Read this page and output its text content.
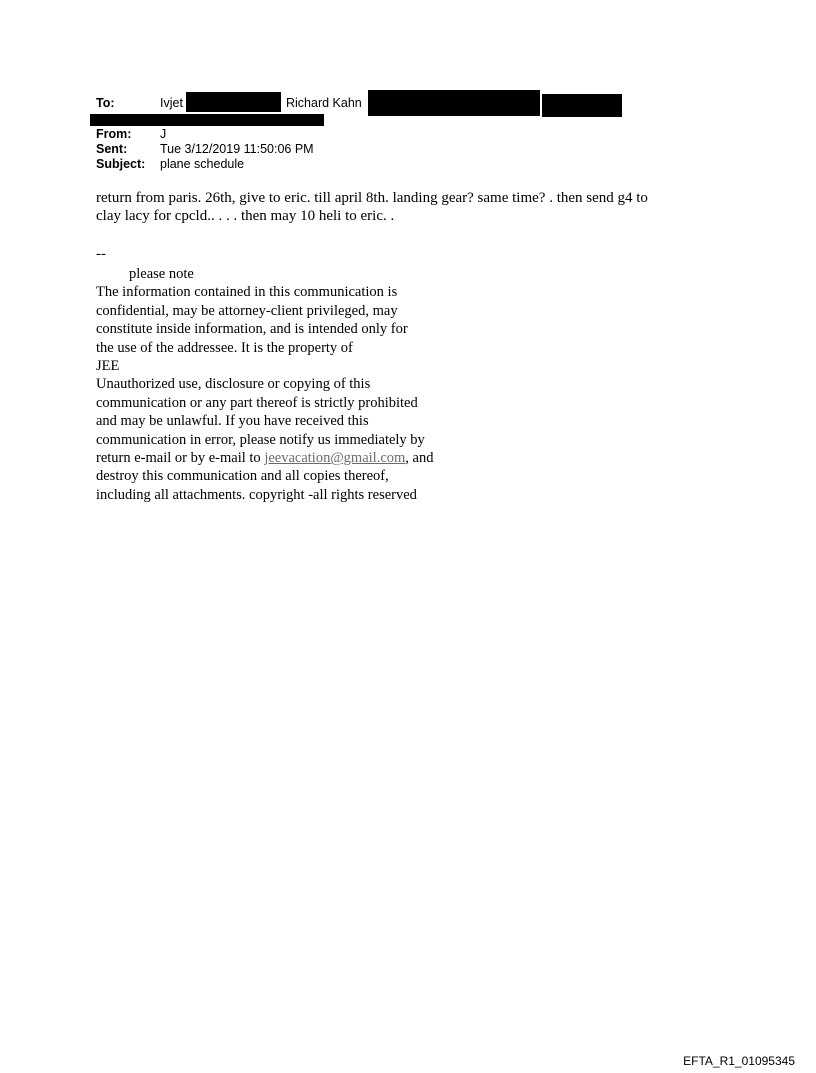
To:	Ivjet	Richard Kahn
From: J
Sent:	Tue 3/12/2019 11:50:06 PM
Subject: plane schedule
return from paris. 26th, give to eric. till april 8th. landing gear? same time? . then send g4 to
clay lacy for cpcld.. . . . then may 10 heli to eric. .
--
please note
The information contained in this communication is
confidential, may be attorney-client privileged, may
constitute inside information, and is intended only for
the use of the addressee. It is the property of
JEE
Unauthorized use, disclosure or copying of this
communication or any part thereof is strictly prohibited
and may be unlawful. If you have received this
communication in error, please notify us immediately by
return e-mail or by e-mail to jeevacation@gmail.com, and
destroy this communication and all copies thereof,
including all attachments. copyright -all rights reserved
EFTA_R1_01095345
